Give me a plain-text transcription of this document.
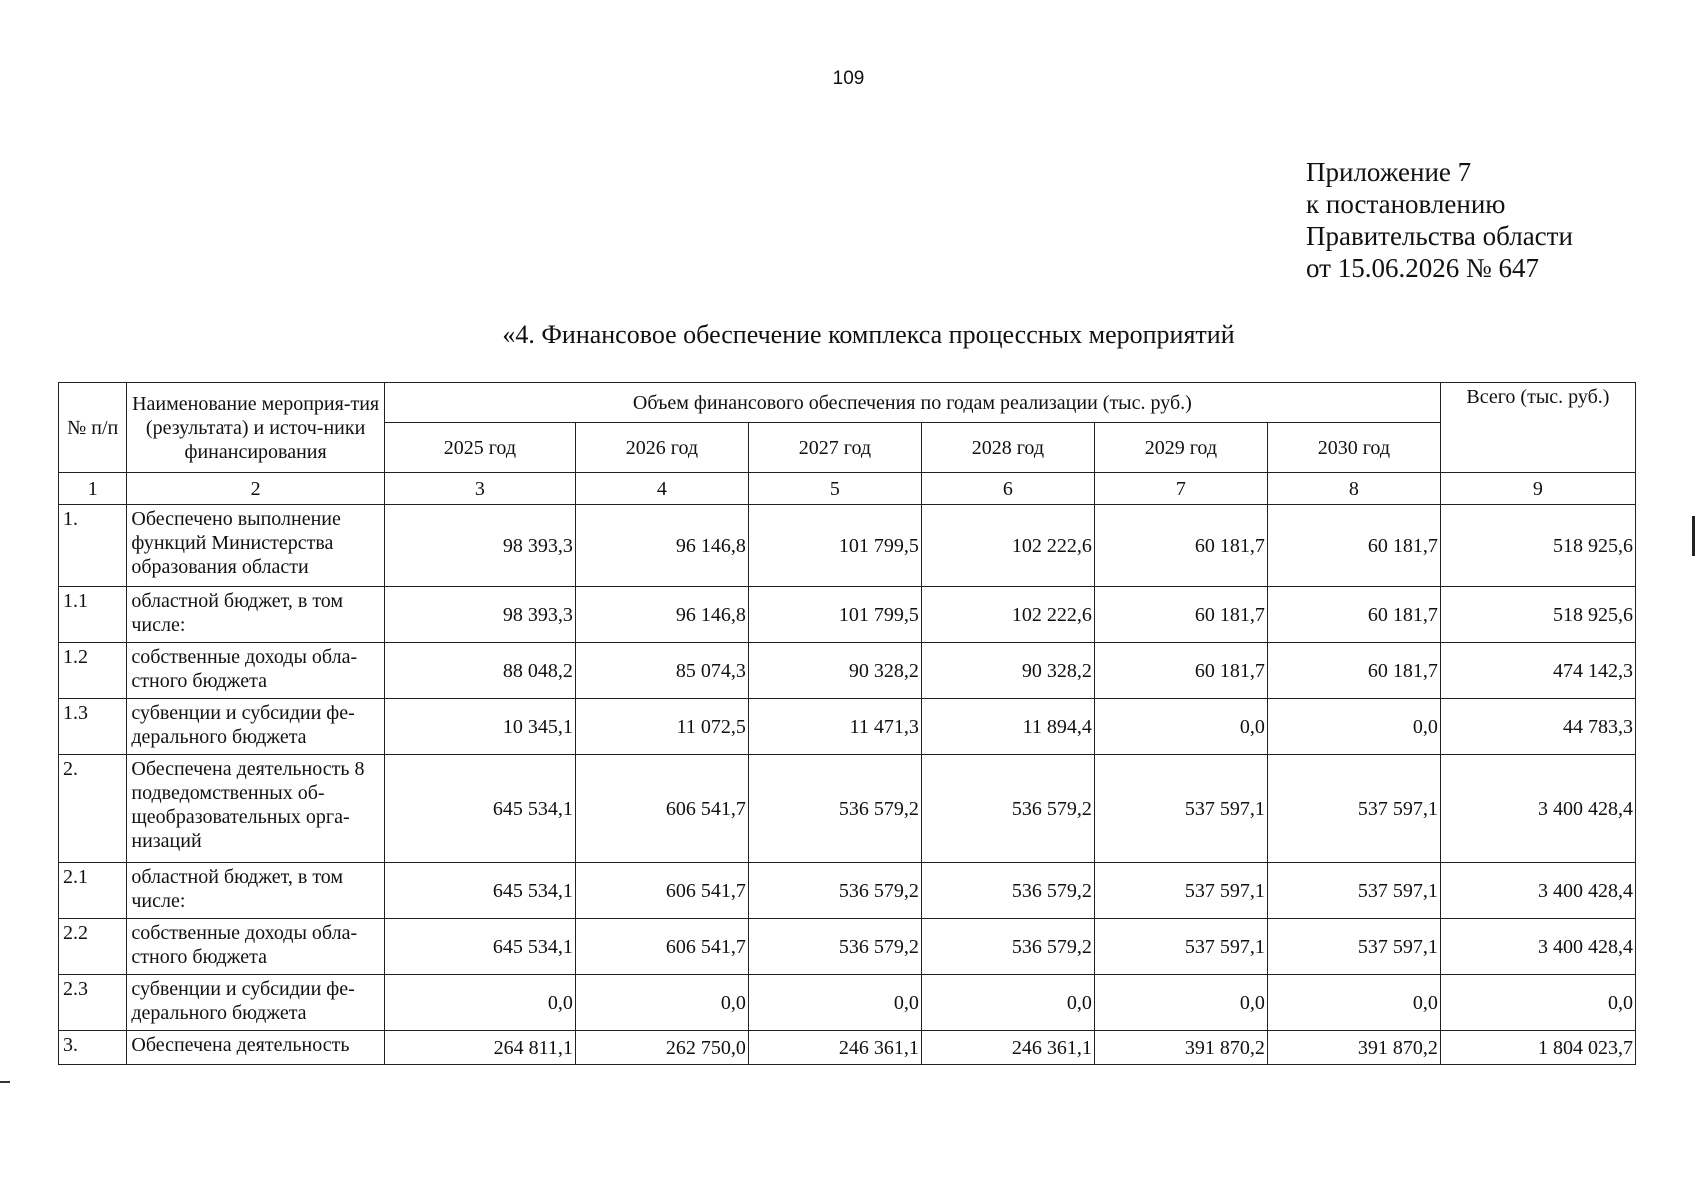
109
Приложение 7
к постановлению
Правительства области
от 15.06.2026 № 647
«4. Финансовое обеспечение комплекса процессных мероприятий
№ п/п	Наименование мероприя-тия (результата) и источ-ники финансирования	Объем финансового обеспечения по годам реализации (тыс. руб.)						Всего (тыс. руб.)
		2025 год	2026 год	2027 год	2028 год	2029 год	2030 год	
1	2	3	4	5	6	7	8	9
1.	Обеспечено выполнение функций Министерства образования области	98 393,3	96 146,8	101 799,5	102 222,6	60 181,7	60 181,7	518 925,6
1.1	областной бюджет, в том числе:	98 393,3	96 146,8	101 799,5	102 222,6	60 181,7	60 181,7	518 925,6
1.2	собственные доходы обла-стного бюджета	88 048,2	85 074,3	90 328,2	90 328,2	60 181,7	60 181,7	474 142,3
1.3	субвенции и субсидии фе-дерального бюджета	10 345,1	11 072,5	11 471,3	11 894,4	0,0	0,0	44 783,3
2.	Обеспечена деятельность 8 подведомственных об-щеобразовательных орга-низаций	645 534,1	606 541,7	536 579,2	536 579,2	537 597,1	537 597,1	3 400 428,4
2.1	областной бюджет, в том числе:	645 534,1	606 541,7	536 579,2	536 579,2	537 597,1	537 597,1	3 400 428,4
2.2	собственные доходы обла-стного бюджета	645 534,1	606 541,7	536 579,2	536 579,2	537 597,1	537 597,1	3 400 428,4
2.3	субвенции и субсидии фе-дерального бюджета	0,0	0,0	0,0	0,0	0,0	0,0	0,0
3.	Обеспечена деятельность	264 811,1	262 750,0	246 361,1	246 361,1	391 870,2	391 870,2	1 804 023,7
